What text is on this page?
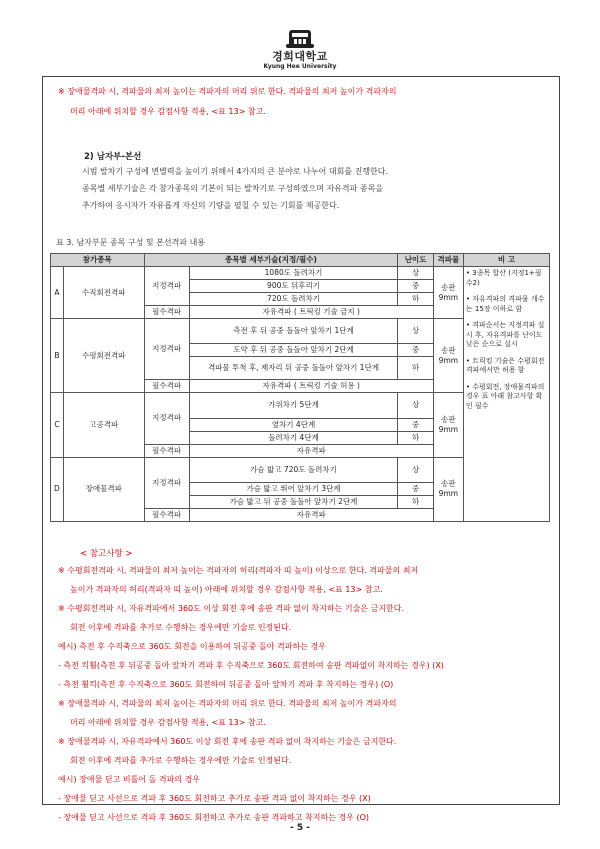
경희대학교
Kyung Hee University
※ 장애물격파 시, 격파물의 최저 높이는 격파자의 머리 위로 한다. 격파물의 최저 높이가 격파자의
머리 아래에 위치할 경우 감점사항 적용, <표 13> 참고.
2) 남자부-본선
시범 발차기 구성에 변별력을 높이기 위해서 4가지의 큰 분야로 나누어 대회를 진행한다.
종목별 세부기술은 각 참가종목의 기본이 되는 발차기로 구성하였으며 자유격파 종목을
추가하여 응시자가 자유롭게 자신의 기량을 펼칠 수 있는 기회를 제공한다.
표 3. 남자부문 종목 구성 및 본선격파 내용
참가종목		종목별 세부기술(지정/필수)		난이도	격파물	비 고
A	수직회전격파	지정격파	1080도 돌려차기	상	송판 9mm	• 3종목 합산 (지정1+필수2)
• 자유격파의 격파물 개수는 15장 이하로 함
• 격파순서는 지정격파 실시 후, 자유격파를 난이도 낮은 순으로 실시
• 트릭킹 기술은 수평회전격파에서만 허용 함
• 수평회전, 장애물격파의 경우 표 아래 참고사항 확인 필수

			900도 뒤후리기	중		
			720도 돌려차기	하		
		필수격파	자유격파 ( 트릭킹 기술 금지 )			
B	수평회전격파	지정격파	측전 후 뒤 공중 돌돌아 앞차기 1단계	상	송판 9mm	
			도약 후 뒤 공중 돌돌아 앞차기 2단계	중		
			격파물 투척 후, 제자리 뒤 공중 돌돌아 앞차기 1단계	하		
		필수격파	자유격파 ( 트릭킹 기술 허용 )			
C	고공격파	지정격파	가위차기 5단계	상	송판 9mm	
			옆차기 4단계	중		
			돌려차기 4단계	하		
		필수격파	자유격파			
D	장애물격파	지정격파	가슴 밟고 720도 돌려차기	상	송판 9mm	
			가슴 밟고 뛰어 앞차기 3단계	중		
			가슴 밟고 뒤 공중 돌돌아 앞차기 2단계	하		
		필수격파	자유격파			
< 참고사항 >
※ 수평회전격파 시, 격파물의 최저 높이는 격파자의 허리(격파자 띠 높이) 이상으로 한다. 격파물의 최저
높이가 격파자의 허리(격파자 띠 높이) 아래에 위치할 경우 감점사항 적용, <표 13> 참고.
※ 수평회전격파 시, 자유격파에서 360도 이상 회전 후에 송판 격파 없이 착지하는 기술은 금지한다.
회전 이후에 격파를 추가로 수행하는 경우에만 기술로 인정된다.
예시) 측전 후 수직축으로 360도 회전을 이용하여 뒤공중 돌아 격파하는 경우
- 측전 킥휠(측전 후 뒤공중 돌아 앞차기 격파 후 수직축으로 360도 회전하여 송판 격파없이 착지하는 경우) (X)
- 측전 휠킥(측전 후 수직축으로 360도 회전하여 뒤공중 돌아 앞차기 격파 후 착지하는 경우) (O)
※ 장애물격파 시, 격파물의 최저 높이는 격파자의 머리 위로 한다. 격파물의 최저 높이가 격파자의
머리 아래에 위치할 경우 감점사항 적용, <표 13> 참고.
※ 장애물격파 시, 자유격파에서 360도 이상 회전 후에 송판 격파 없이 착지하는 기술은 금지한다.
회전 이후에 격파를 추가로 수행하는 경우에만 기술로 인정된다.
예시) 장애물 딛고 비틀어 돌 격파의 경우
- 장애물 딛고 사선으로 격파 후 360도 회전하고 추가로 송판 격파 없이 착지하는 경우 (X)
- 장애물 딛고 사선으로 격파 후 360도 회전하고 추가로 송판 격파하고 착지하는 경우 (O)
- 5 -
